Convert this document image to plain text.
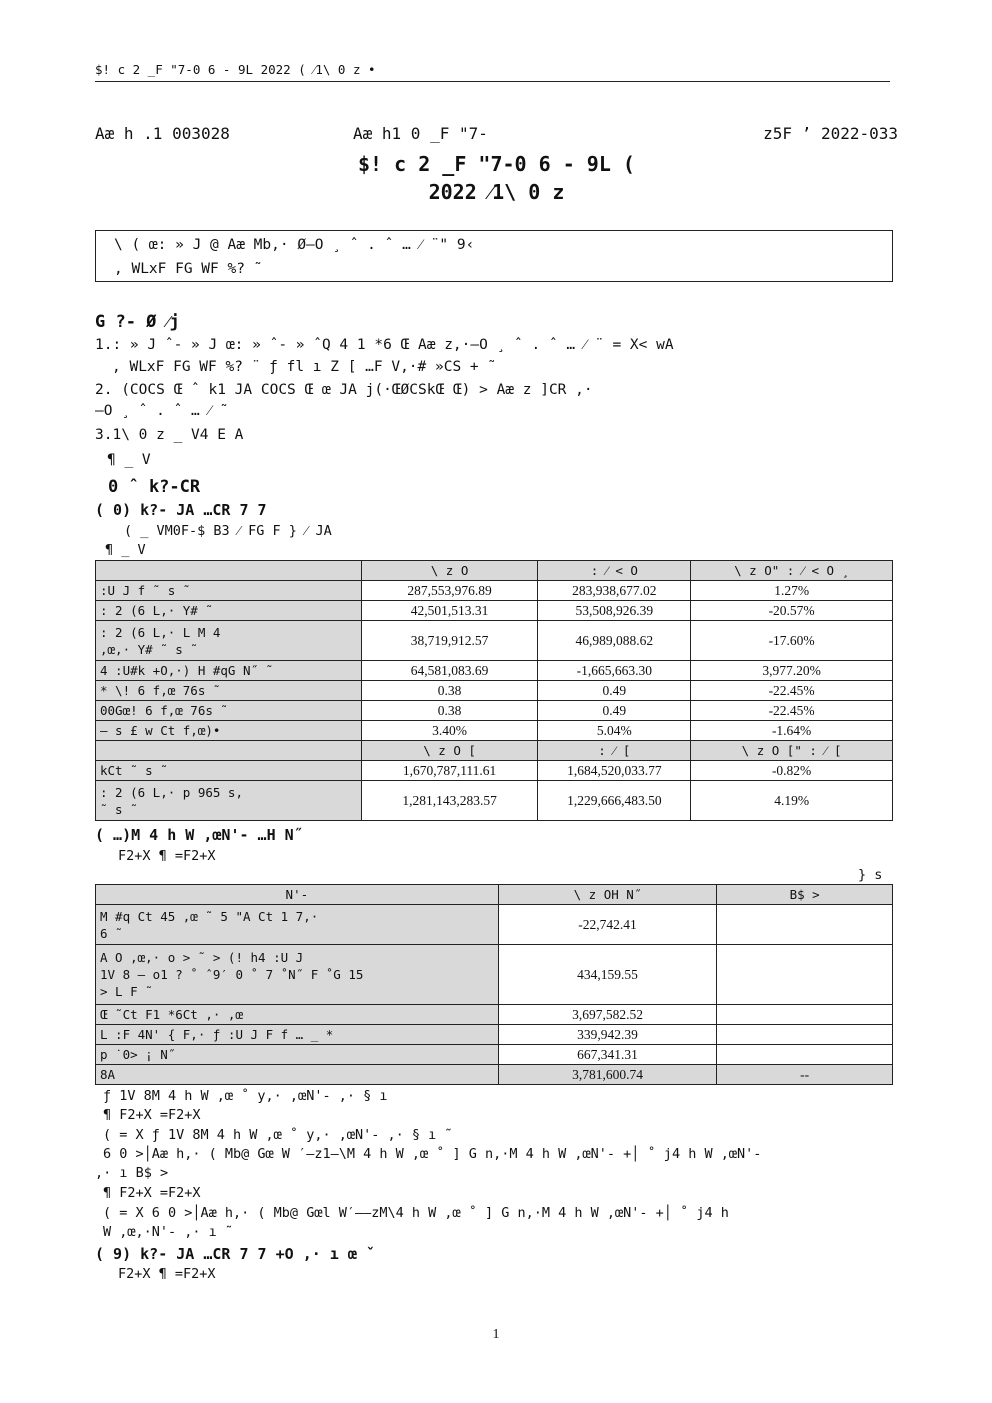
$! c 2 _F "7-0 6 - 9L 2022 ( ⁄1\ 0 z •
Aæ h .1 003028	Aæ h1 0 _F "7-	z5F ’ 2022-033
$! c 2 _F "7-0 6 - 9L (
2022 ⁄1\ 0 z
\ ( œ: » J @ Aæ Mb,· Ø–O ¸ ˆ . ˆ … ⁄ ¨" 9‹
, WLxF FG WF %? ˜
G ?- Ø ⁄j
1.: » J ˆ- » J œ: » ˆ- » ˆQ 4 1 *6 Œ Aæ z,·–O ¸ ˆ . ˆ … ⁄ ¨ = X< wA
, WLxF FG WF %? ¨ ƒ fl ı Z [ …F V,·# »CS + ˜
2. (COCS Œ ˆ k1 JA COCS Œ œ JA j(·ŒØCSkŒ Œ) > Aæ z ]CR ,·
–O ¸ ˆ . ˆ … ⁄ ˜
3.1\ 0 z _ V4 E A
¶ _ V
0 ˆ k?-CR
( 0) k?- JA …CR 7 7
( _ VM0F-$ B3 ⁄ FG F } ⁄ JA
¶ _ V
	\ z O	: ⁄ < O	\ z O" : ⁄ < O ¸
:U J f ˜ s ˜	287,553,976.89	283,938,677.02	1.27%
: 2 (6 L,· Y# ˜	42,501,513.31	53,508,926.39	-20.57%
: 2 (6 L,· L M 4
,œ,· Y# ˜ s ˜	38,719,912.57	46,989,088.62	-17.60%
4 :U#k +O,·) H #qG N˝ ˜	64,581,083.69	-1,665,663.30	3,977.20%
* \! 6 f,œ 76s ˜	0.38	0.49	-22.45%
00Gœ! 6 f,œ 76s ˜	0.38	0.49	-22.45%
— s £ w Ct f,œ)•	3.40%	5.04%	-1.64%
	\ z O [	: ⁄ [	\ z O [" : ⁄ [
kCt ˜ s ˜	1,670,787,111.61	1,684,520,033.77	-0.82%
: 2 (6 L,· p 965 s,
˜ s ˜	1,281,143,283.57	1,229,666,483.50	4.19%
( …)M 4 h W ,œN'- …H N˝
F2+X ¶ =F2+X
} s
N'-	\ z OH N˝	B$ >
M #q Ct 45 ,œ ˜ 5 "A Ct 1 7,·
6 ˜	-22,742.41	
A O ,œ,· o > ˜ > (! h4 :U J
1V 8 – o1 ? ˚ ˆ9′ 0 ˚ 7 ˚N˝ F ˚G 15
> L F ˜	434,159.55	
Œ ˜Ct F1 *6Ct ,· ,œ	3,697,582.52	
L :F 4N' { F,· ƒ :U J F f … _ *	339,942.39	
p ˙0> ¡ N˝	667,341.31	
8A	3,781,600.74	--
ƒ 1V 8M 4 h W ,œ ˚ y,· ,œN'- ,· § ı
¶ F2+X =F2+X
( = X ƒ 1V 8M 4 h W ,œ ˚ y,· ,œN'- ,· § ı ˜
6 0 >│Aæ h,· ( Mb@ Gœ W ′—z1—\M 4 h W ,œ ˚ ] G n,·M 4 h W ,œN'- +│ ˚ j4 h W ,œN'-
,· ı B$ >
¶ F2+X =F2+X
( = X 6 0 >│Aæ h,· ( Mb@ Gœl W′——zM\4 h W ,œ ˚ ] G n,·M 4 h W ,œN'- +│ ˚ j4 h
W ,œ,·N'- ,· ı ˜
( 9) k?- JA …CR 7 7 +O ,· ı œ ˇ
F2+X ¶ =F2+X
1
